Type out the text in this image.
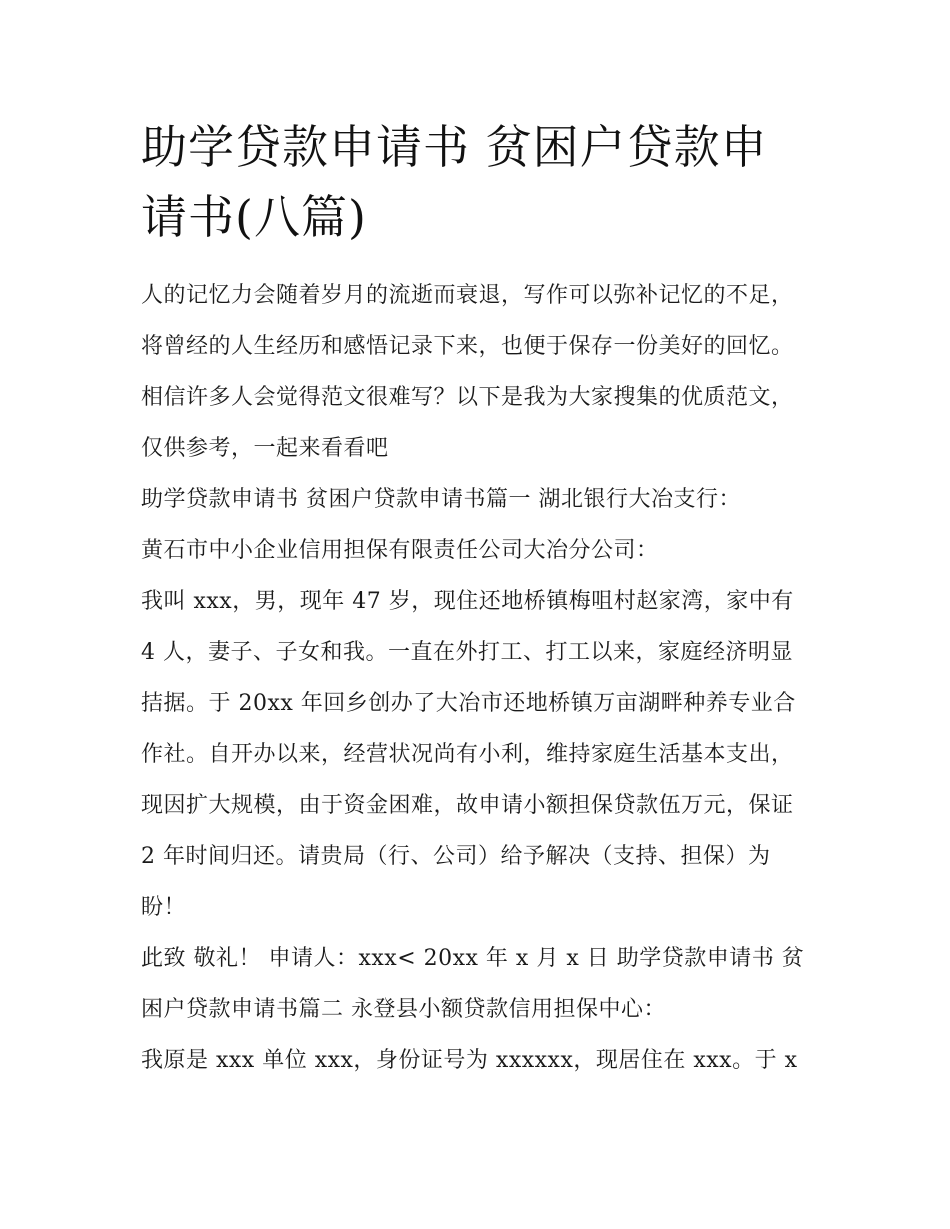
助学贷款申请书 贫困户贷款申请书(八篇)

人的记忆力会随着岁月的流逝而衰退，写作可以弥补记忆的不足，将曾经的人生经历和感悟记录下来，也便于保存一份美好的回忆。相信许多人会觉得范文很难写？以下是我为大家搜集的优质范文，仅供参考，一起来看看吧

助学贷款申请书 贫困户贷款申请书篇一 湖北银行大冶支行：

黄石市中小企业信用担保有限责任公司大冶分公司：

我叫 xxx，男，现年 47 岁，现住还地桥镇梅咀村赵家湾，家中有 4 人，妻子、子女和我。一直在外打工、打工以来，家庭经济明显拮据。于 20xx 年回乡创办了大冶市还地桥镇万亩湖畔种养专业合作社。自开办以来，经营状况尚有小利，维持家庭生活基本支出，现因扩大规模，由于资金困难，故申请小额担保贷款伍万元，保证 2 年时间归还。请贵局（行、公司）给予解决（支持、担保）为盼！

此致 敬礼！ 申请人：xxx< 20xx 年 x 月 x 日 助学贷款申请书 贫困户贷款申请书篇二 永登县小额贷款信用担保中心：

我原是 xxx 单位 xxx，身份证号为 xxxxxx，现居住在 xxx。于 x
